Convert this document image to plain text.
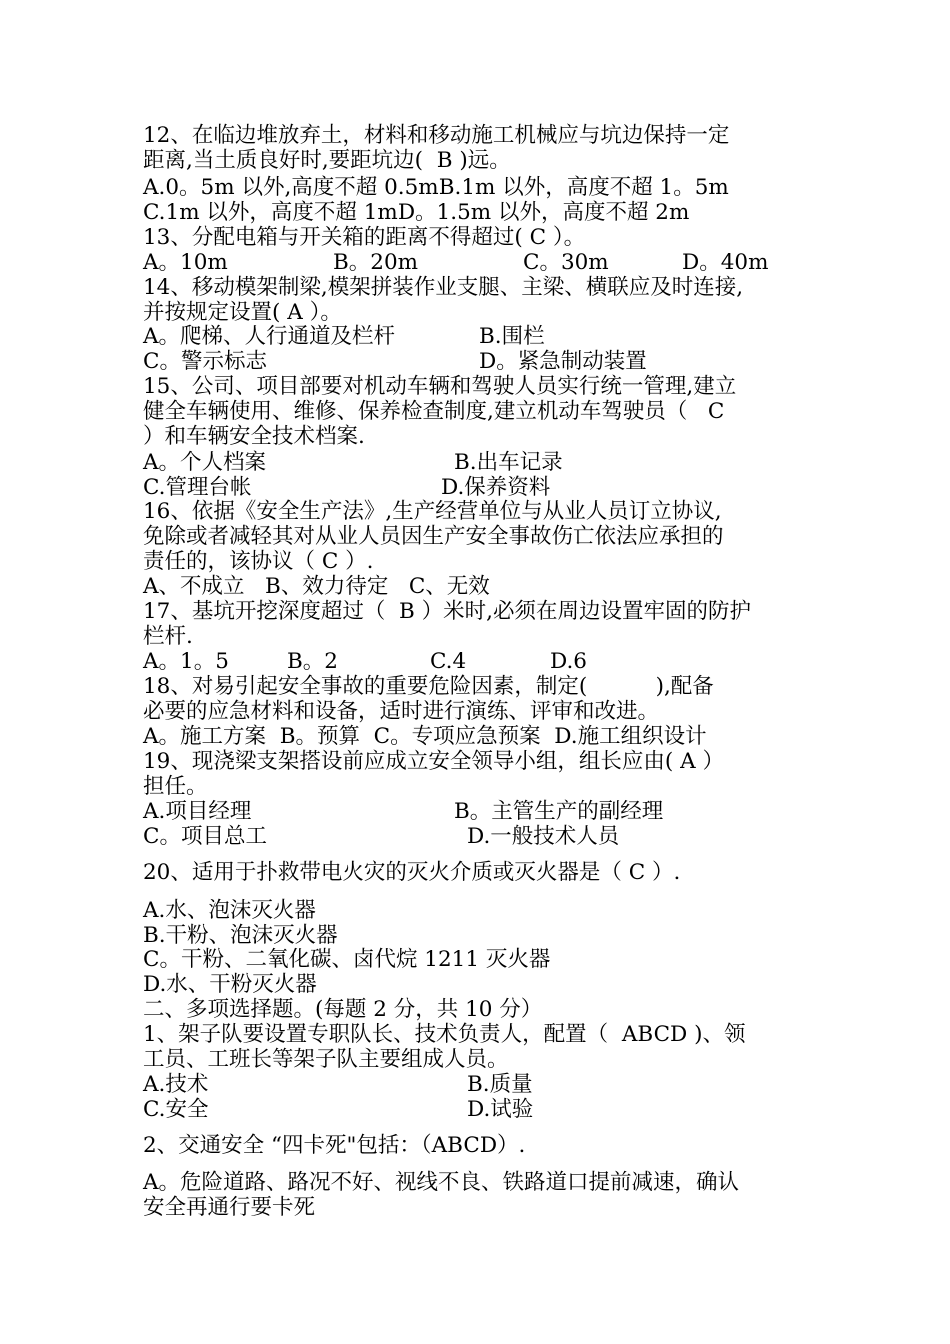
12、在临边堆放弃土，材料和移动施工机械应与坑边保持一定
距离,当土质良好时,要距坑边(  B )远。
A.0。5m 以外,高度不超 0.5mB.1m 以外，高度不超 1。5m
C.1m 以外，高度不超 1mD。1.5m 以外，高度不超 2m
13、分配电箱与开关箱的距离不得超过( C ）。

A。10m

	B。20m

	C。30m

	D。40m

14、移动模架制梁,模架拼装作业支腿、主梁、横联应及时连接,
并按规定设置( A ）。

A。爬梯、人行通道及栏杆

	B.围栏

C。警示标志

	D。紧急制动装置

15、公司、项目部要对机动车辆和驾驶人员实行统一管理,建立
健全车辆使用、维修、保养检查制度,建立机动车驾驶员（   C
）和车辆安全技术档案.

A。个人档案

	B.出车记录

C.管理台帐

	D.保养资料

16、依据《安全生产法》,生产经营单位与从业人员订立协议,
免除或者减轻其对从业人员因生产安全事故伤亡依法应承担的
责任的，该协议（ C ）.
A、不成立   B、效力待定   C、无效
17、基坑开挖深度超过（  B ）米时,必须在周边设置牢固的防护
栏杆.

A。1。5

	B。2

	C.4

	D.6

18、对易引起安全事故的重要危险因素，制定(          ),配备
必要的应急材料和设备，适时进行演练、评审和改进。
A。施工方案  B。预算  C。专项应急预案  D.施工组织设计
19、现浇梁支架搭设前应成立安全领导小组，组长应由( A ）
担任。

A.项目经理

	B。主管生产的副经理

C。项目总工

	D.一般技术人员

20、适用于扑救带电火灾的灭火介质或灭火器是（ C ）.
A.水、泡沫灭火器
B.干粉、泡沫灭火器
C。干粉、二氧化碳、卤代烷 1211 灭火器
D.水、干粉灭火器
二、多项选择题。(每题 2 分，共 10 分）
1、架子队要设置专职队长、技术负责人，配置（  ABCD )、领
工员、工班长等架子队主要组成人员。

A.技术

	B.质量

C.安全

	D.试验

2、交通安全 “四卡死"包括：（ABCD）.
A。危险道路、路况不好、视线不良、铁路道口提前减速，确认
安全再通行要卡死
